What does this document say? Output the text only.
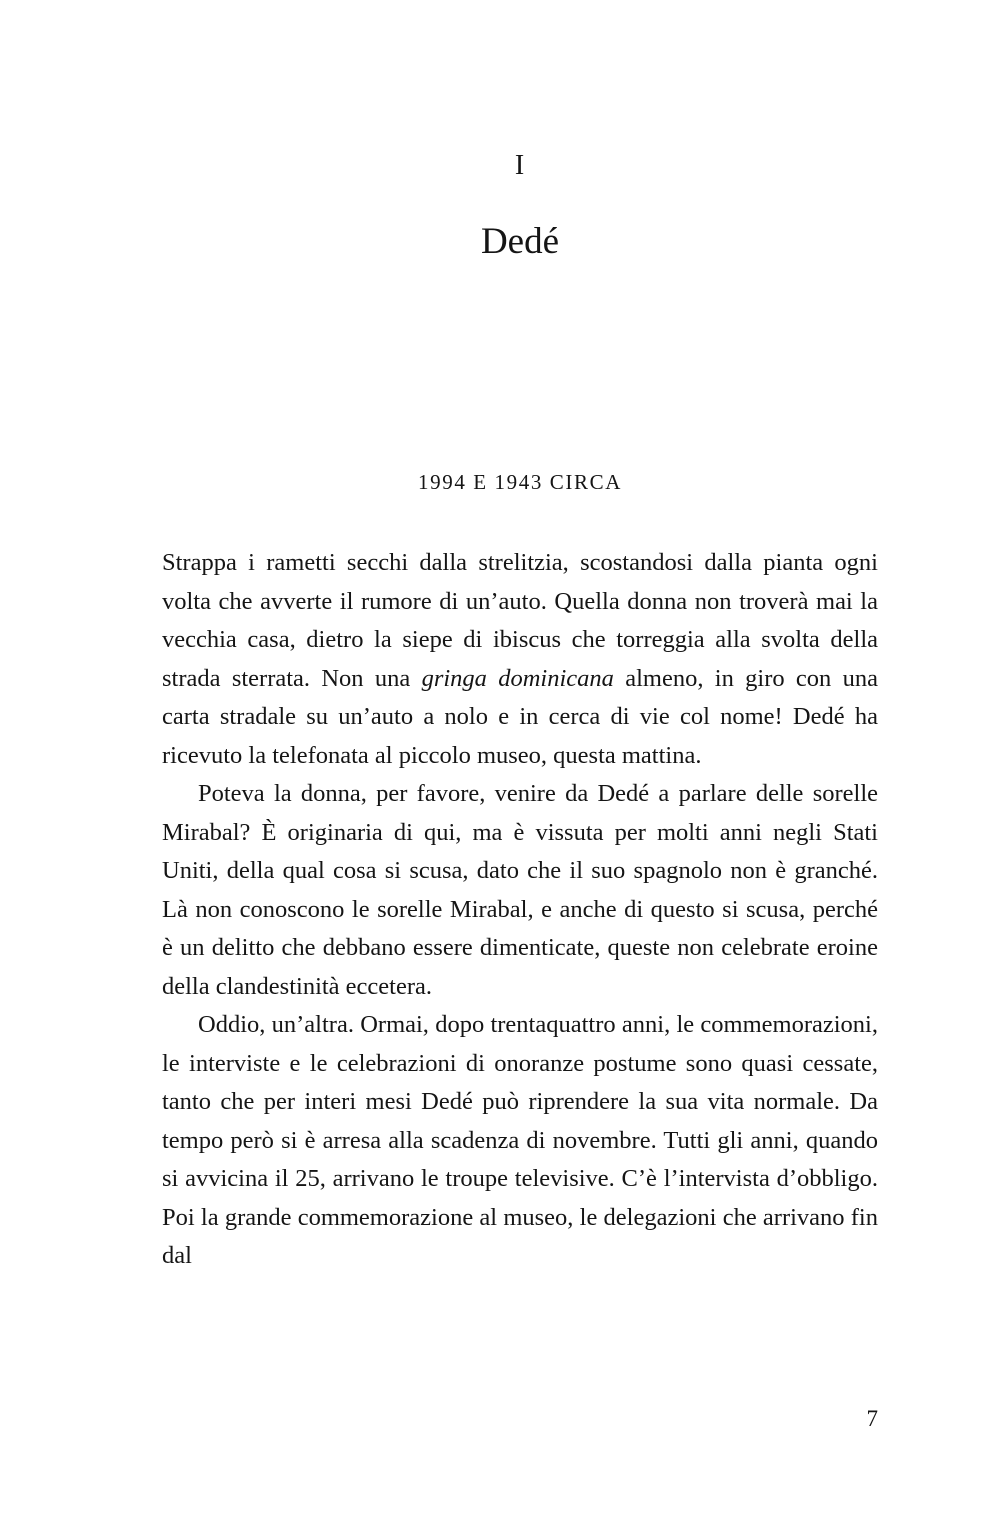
I
Dedé
1994 E 1943 CIRCA

Strappa i rametti secchi dalla strelitzia, scostandosi dalla pianta ogni volta che avverte il rumore di un’auto. Quella donna non troverà mai la vecchia casa, dietro la siepe di ibiscus che torreggia alla svolta della strada sterrata. Non una gringa dominicana almeno, in giro con una carta stradale su un’auto a nolo e in cerca di vie col nome! Dedé ha ricevuto la telefonata al piccolo museo, questa mattina.

Poteva la donna, per favore, venire da Dedé a parlare delle sorelle Mirabal? È originaria di qui, ma è vissuta per molti anni negli Stati Uniti, della qual cosa si scusa, dato che il suo spagnolo non è granché. Là non conoscono le sorelle Mirabal, e anche di questo si scusa, perché è un delitto che debbano essere dimenticate, queste non celebrate eroine della clandestinità eccetera.

Oddio, un’altra. Ormai, dopo trentaquattro anni, le commemorazioni, le interviste e le celebrazioni di onoranze postume sono quasi cessate, tanto che per interi mesi Dedé può riprendere la sua vita normale. Da tempo però si è arresa alla scadenza di novembre. Tutti gli anni, quando si avvicina il 25, arrivano le troupe televisive. C’è l’intervista d’obbligo. Poi la grande commemorazione al museo, le delegazioni che arrivano fin dal

7
